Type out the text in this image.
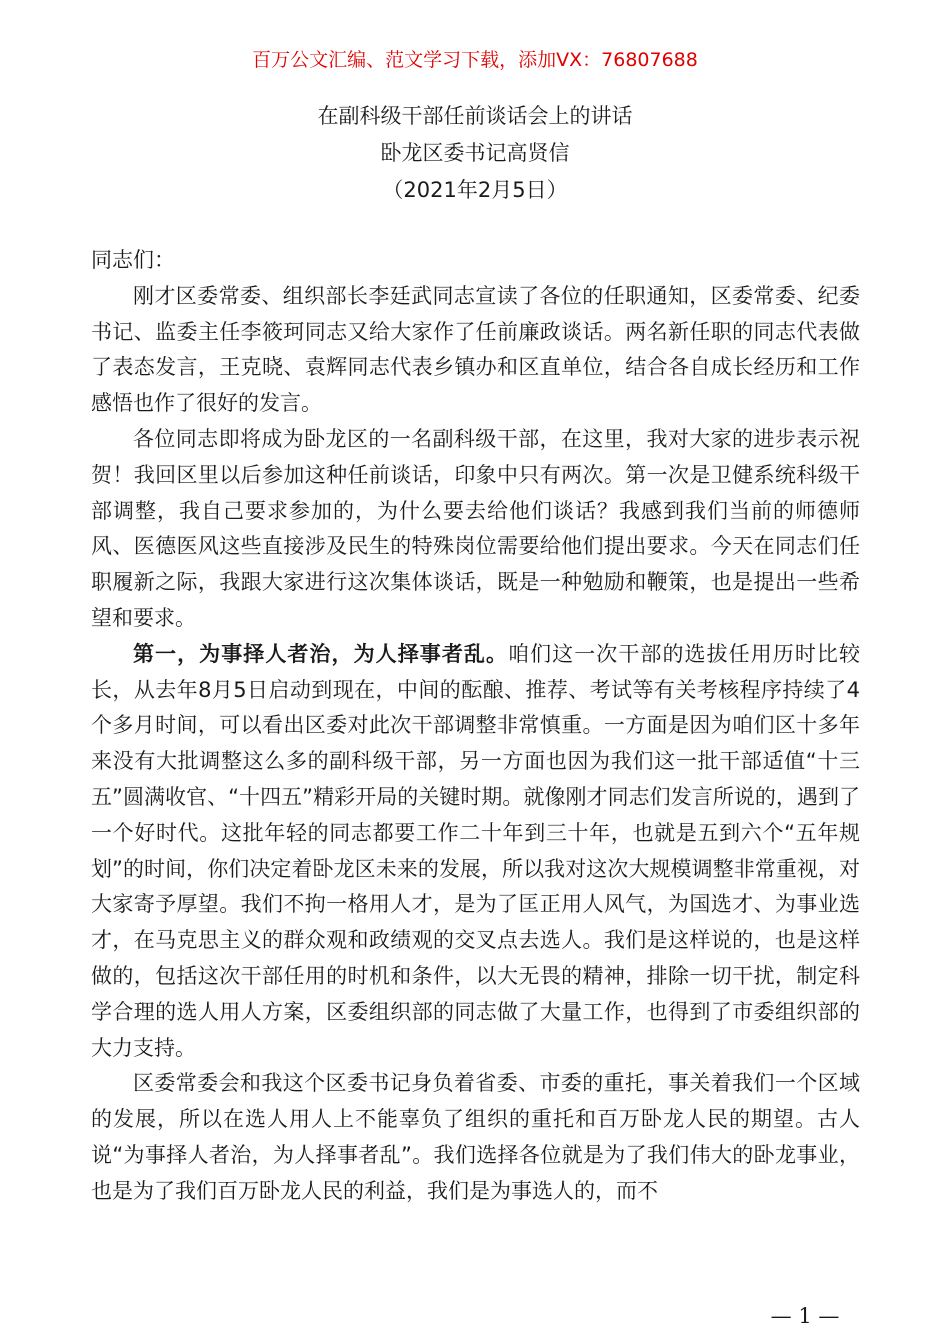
百万公文汇编、范文学习下载，添加VX：76807688
在副科级干部任前谈话会上的讲话
卧龙区委书记高贤信
（2021年2月5日）

同志们：

刚才区委常委、组织部长李廷武同志宣读了各位的任职通知，区委常委、纪委书记、监委主任李筱珂同志又给大家作了任前廉政谈话。两名新任职的同志代表做了表态发言，王克晓、袁辉同志代表乡镇办和区直单位，结合各自成长经历和工作感悟也作了很好的发言。

各位同志即将成为卧龙区的一名副科级干部，在这里，我对大家的进步表示祝贺！我回区里以后参加这种任前谈话，印象中只有两次。第一次是卫健系统科级干部调整，我自己要求参加的，为什么要去给他们谈话？我感到我们当前的师德师风、医德医风这些直接涉及民生的特殊岗位需要给他们提出要求。今天在同志们任职履新之际，我跟大家进行这次集体谈话，既是一种勉励和鞭策，也是提出一些希望和要求。

第一，为事择人者治，为人择事者乱。咱们这一次干部的选拔任用历时比较长，从去年8月5日启动到现在，中间的酝酿、推荐、考试等有关考核程序持续了4个多月时间，可以看出区委对此次干部调整非常慎重。一方面是因为咱们区十多年来没有大批调整这么多的副科级干部，另一方面也因为我们这一批干部适值“十三五”圆满收官、“十四五”精彩开局的关键时期。就像刚才同志们发言所说的，遇到了一个好时代。这批年轻的同志都要工作二十年到三十年，也就是五到六个“五年规划”的时间，你们决定着卧龙区未来的发展，所以我对这次大规模调整非常重视，对大家寄予厚望。我们不拘一格用人才，是为了匡正用人风气，为国选才、为事业选才，在马克思主义的群众观和政绩观的交叉点去选人。我们是这样说的，也是这样做的，包括这次干部任用的时机和条件，以大无畏的精神，排除一切干扰，制定科学合理的选人用人方案，区委组织部的同志做了大量工作，也得到了市委组织部的大力支持。

区委常委会和我这个区委书记身负着省委、市委的重托，事关着我们一个区域的发展，所以在选人用人上不能辜负了组织的重托和百万卧龙人民的期望。古人说“为事择人者治，为人择事者乱”。我们选择各位就是为了我们伟大的卧龙事业，也是为了我们百万卧龙人民的利益，我们是为事选人的，而不

— 1 —
